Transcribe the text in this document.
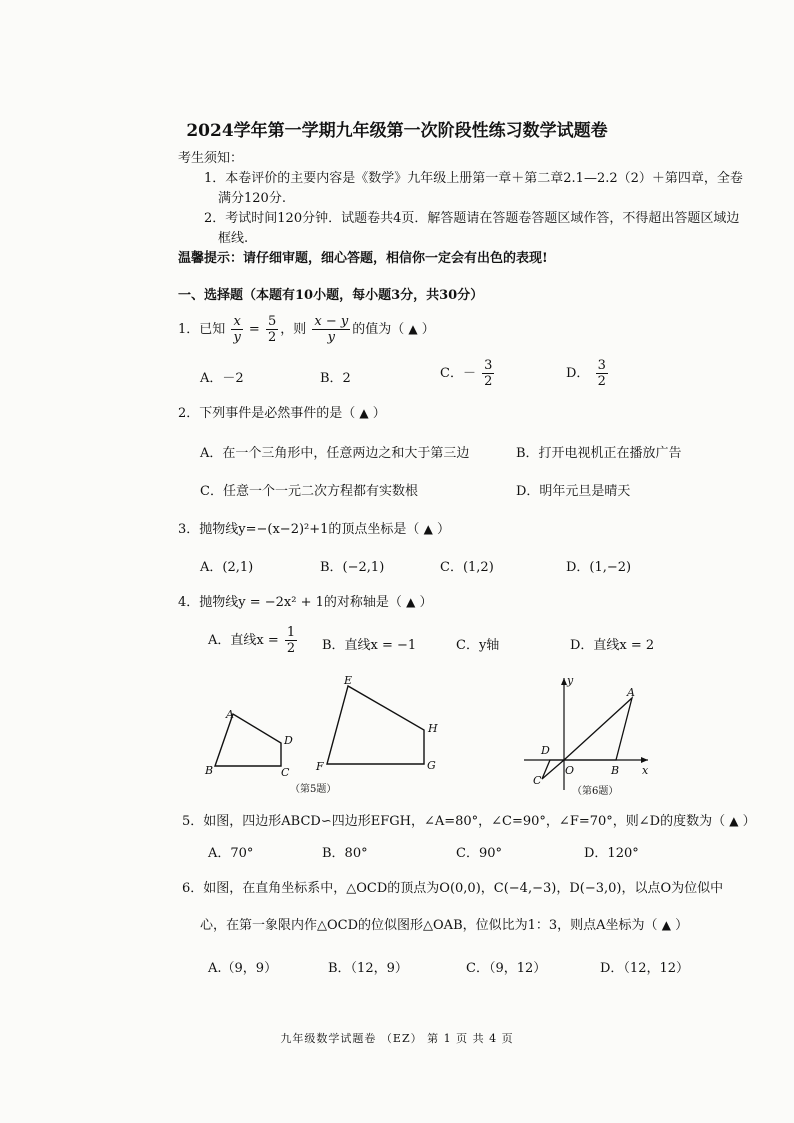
2024学年第一学期九年级第一次阶段性练习数学试题卷
考生须知：
1．本卷评价的主要内容是《数学》九年级上册第一章＋第二章2.1—2.2（2）＋第四章，全卷
满分120分.
2．考试时间120分钟．试题卷共4页．解答题请在答题卷答题区域作答，不得超出答题区域边
框线.
温馨提示：请仔细审题，细心答题，相信你一定会有出色的表现!
一、选择题（本题有10小题，每小题3分，共30分）
1．已知 $\frac{x}{y} = \frac{5}{2}$ ，则 $\frac{x - y}{y}$ 的值为（ ▲ ）
A．－2	B．2	C．－ $\frac{3}{2}$	D． $\frac{3}{2}$
2．下列事件是必然事件的是（ ▲ ）
A．在一个三角形中，任意两边之和大于第三边	B．打开电视机正在播放广告
C．任意一个一元二次方程都有实数根	D．明年元旦是晴天
3．抛物线y=−(x−2)²+1的顶点坐标是（ ▲ ）
A．(2,1)	B．(−2,1)	C．(1,2)	D．(1,−2)
4．抛物线y = −2x² + 1的对称轴是（ ▲ ）
A．直线$x = \frac{1}{2}$ B．直线x = −1	C．y轴	D．直线x = 2
A
B	C
D
E
F	G
H
（第5题）
y
x
A
B
C
D
O
（第6题）
5．如图，四边形ABCD∽四边形EFGH，∠A=80°，∠C=90°，∠F=70°，则∠D的度数为（ ▲ ）
A．70°	B．80°	C．90°	D．120°
6．如图，在直角坐标系中，△OCD的顶点为O(0,0)，C(−4,−3)，D(−3,0)，以点O为位似中
心，在第一象限内作△OCD的位似图形△OAB，位似比为1：3，则点A坐标为（ ▲ ）
A.（9，9）	B．（12，9）	C．（9，12）	D．（12，12）
九年级数学试题卷 （EZ） 第 1 页 共 4 页
